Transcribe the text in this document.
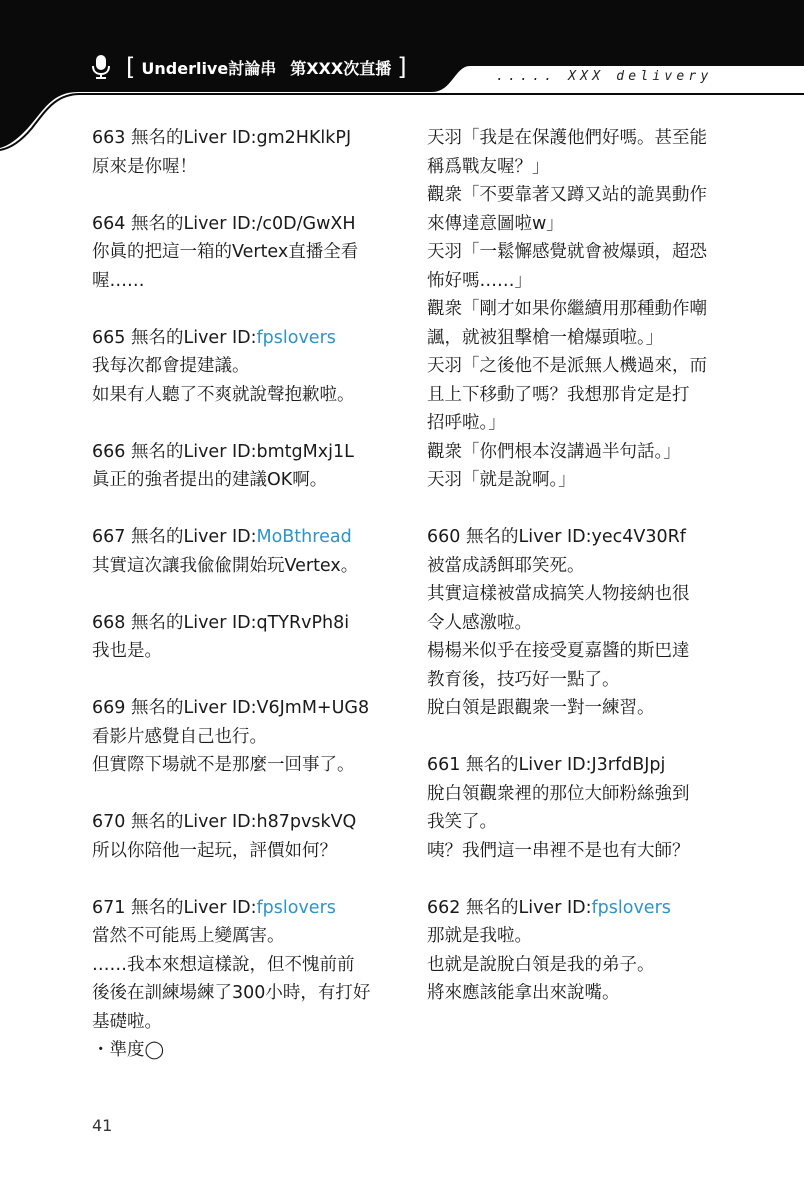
[ Underlive討論串 第XXX次直播 ]	..... XXX delivery
663 無名的Liver ID:gm2HKlkPJ
原來是你喔！
664 無名的Liver ID:/c0D/GwXH
你眞的把這一箱的Vertex直播全看
喔……
665 無名的Liver ID:fpslovers
我每次都會提建議。
如果有人聽了不爽就說聲抱歉啦。
666 無名的Liver ID:bmtgMxj1L
眞正的強者提出的建議OK啊。
667 無名的Liver ID:MoBthread
其實這次讓我偸偸開始玩Vertex。
668 無名的Liver ID:qTYRvPh8i
我也是。
669 無名的Liver ID:V6JmM+UG8
看影片感覺自己也行。
但實際下場就不是那麼一回事了。
670 無名的Liver ID:h87pvskVQ
所以你陪他一起玩，評價如何？
671 無名的Liver ID:fpslovers
當然不可能馬上變厲害。
……我本來想這樣說，但不愧前前
後後在訓練場練了300小時，有打好
基礎啦。
・準度◯
天羽「我是在保護他們好嗎。甚至能
稱爲戰友喔？」
觀衆「不要靠著又蹲又站的詭異動作
來傳達意圖啦w」
天羽「一鬆懈感覺就會被爆頭，超恐
怖好嗎……」
觀衆「剛才如果你繼續用那種動作嘲
諷，就被狙擊槍一槍爆頭啦。」
天羽「之後他不是派無人機過來，而
且上下移動了嗎？我想那肯定是打
招呼啦。」
觀衆「你們根本沒講過半句話。」
天羽「就是說啊。」
660 無名的Liver ID:yec4V30Rf
被當成誘餌耶笑死。
其實這樣被當成搞笑人物接納也很
令人感激啦。
楊楊米似乎在接受夏嘉醬的斯巴達
教育後，技巧好一點了。
脫白領是跟觀衆一對一練習。
661 無名的Liver ID:J3rfdBJpj
脫白領觀衆裡的那位大師粉絲強到
我笑了。
咦？我們這一串裡不是也有大師？
662 無名的Liver ID:fpslovers
那就是我啦。
也就是說脫白領是我的弟子。
將來應該能拿出來說嘴。
41
